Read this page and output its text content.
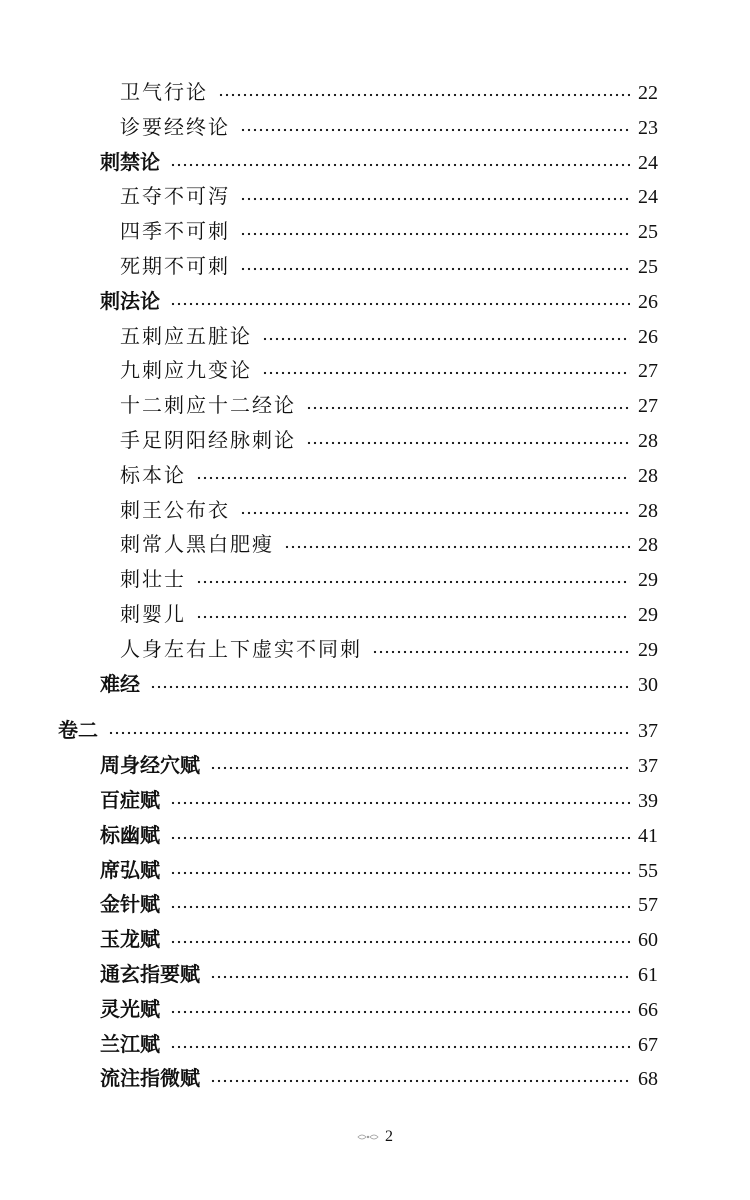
卫气行论	22
诊要经终论	23
刺禁论	24
五夺不可泻	24
四季不可刺	25
死期不可刺	25
刺法论	26
五刺应五脏论	26
九刺应九变论	27
十二刺应十二经论	27
手足阴阳经脉刺论	28
标本论	28
刺王公布衣	28
刺常人黑白肥瘦	28
刺壮士	29
刺婴儿	29
人身左右上下虚实不同刺	29
难经	30
卷二	37
周身经穴赋	37
百症赋	39
标幽赋	41
席弘赋	55
金针赋	57
玉龙赋	60
通玄指要赋	61
灵光赋	66
兰江赋	67
流注指微赋	68
2
